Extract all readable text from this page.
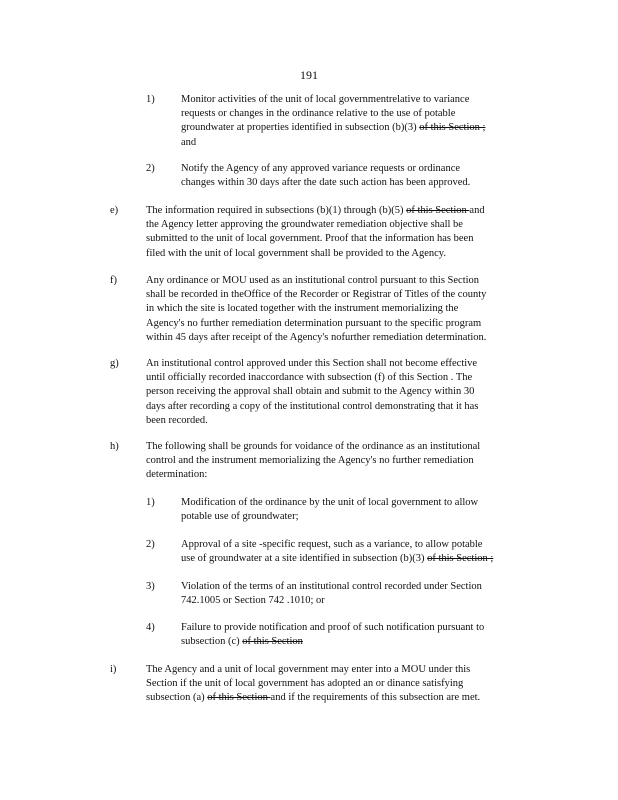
191
1)	Monitor activities of the unit of local governmentrelative to variance
requests or changes in the ordinance relative to the use of potable
groundwater at properties identified in subsection (b)(3) of this Section ;
and
2)	Notify the Agency of any approved variance requests or ordinance
changes within 30 days after the date such action has been approved.
e)	The information required in subsections (b)(1) through (b)(5) of this Section and
the Agency letter approving the groundwater remediation objective shall be
submitted to the unit of local government. Proof that the information has been
filed with the unit of local government shall be provided to the Agency.
f)	Any ordinance or MOU used as an institutional control pursuant to this Section
shall be recorded in theOffice of the Recorder or Registrar of Titles of the county
in which the site is located together with the instrument memorializing the
Agency's no further remediation determination pursuant to the specific program
within 45 days after receipt of the Agency's nofurther remediation determination.
g)	An institutional control approved under this Section shall not become effective
until officially recorded inaccordance with subsection (f) of this Section . The
person receiving the approval shall obtain and submit to the Agency within 30
days after recording a copy of the institutional control demonstrating that it has
been recorded.
h)	The following shall be grounds for voidance of the ordinance as an institutional
control and the instrument memorializing the Agency's no further remediation
determination:
1)	Modification of the ordinance by the unit of local government to allow
potable use of groundwater;
2)	Approval of a site -specific request, such as a variance, to allow potable
use of groundwater at a site identified in subsection (b)(3) of this Section ;
3)	Violation of the terms of an institutional control recorded under Section
742.1005 or Section 742 .1010; or
4)	Failure to provide notification and proof of such notification pursuant to
subsection (c) of this Section
i)	The Agency and a unit of local government may enter into a MOU under this
Section if the unit of local government has adopted an or dinance satisfying
subsection (a) of this Section and if the requirements of this subsection are met.
